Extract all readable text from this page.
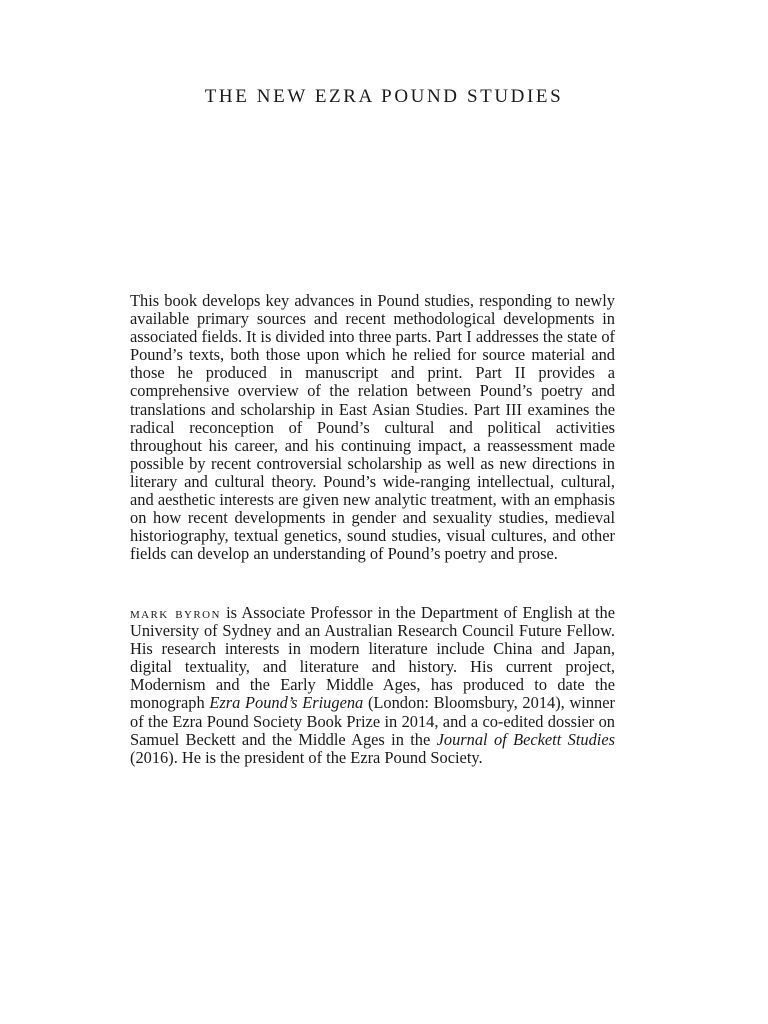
THE NEW EZRA POUND STUDIES

This book develops key advances in Pound studies, responding to newly available primary sources and recent methodological developments in associated fields. It is divided into three parts. Part I addresses the state of Pound’s texts, both those upon which he relied for source material and those he produced in manuscript and print. Part II provides a comprehensive overview of the relation between Pound’s poetry and translations and scholarship in East Asian Studies. Part III examines the radical reconception of Pound’s cultural and political activities throughout his career, and his continuing impact, a reassessment made possible by recent controversial scholarship as well as new directions in literary and cultural theory. Pound’s wide-ranging intellectual, cultural, and aesthetic interests are given new analytic treatment, with an emphasis on how recent developments in gender and sexuality studies, medieval historiography, textual genetics, sound studies, visual cultures, and other fields can develop an understanding of Pound’s poetry and prose.

mark byron is Associate Professor in the Department of English at the University of Sydney and an Australian Research Council Future Fellow. His research interests in modern literature include China and Japan, digital textuality, and literature and history. His current project, Modernism and the Early Middle Ages, has produced to date the monograph Ezra Pound’s Eriugena (London: Bloomsbury, 2014), winner of the Ezra Pound Society Book Prize in 2014, and a co-edited dossier on Samuel Beckett and the Middle Ages in the Journal of Beckett Studies (2016). He is the president of the Ezra Pound Society.
